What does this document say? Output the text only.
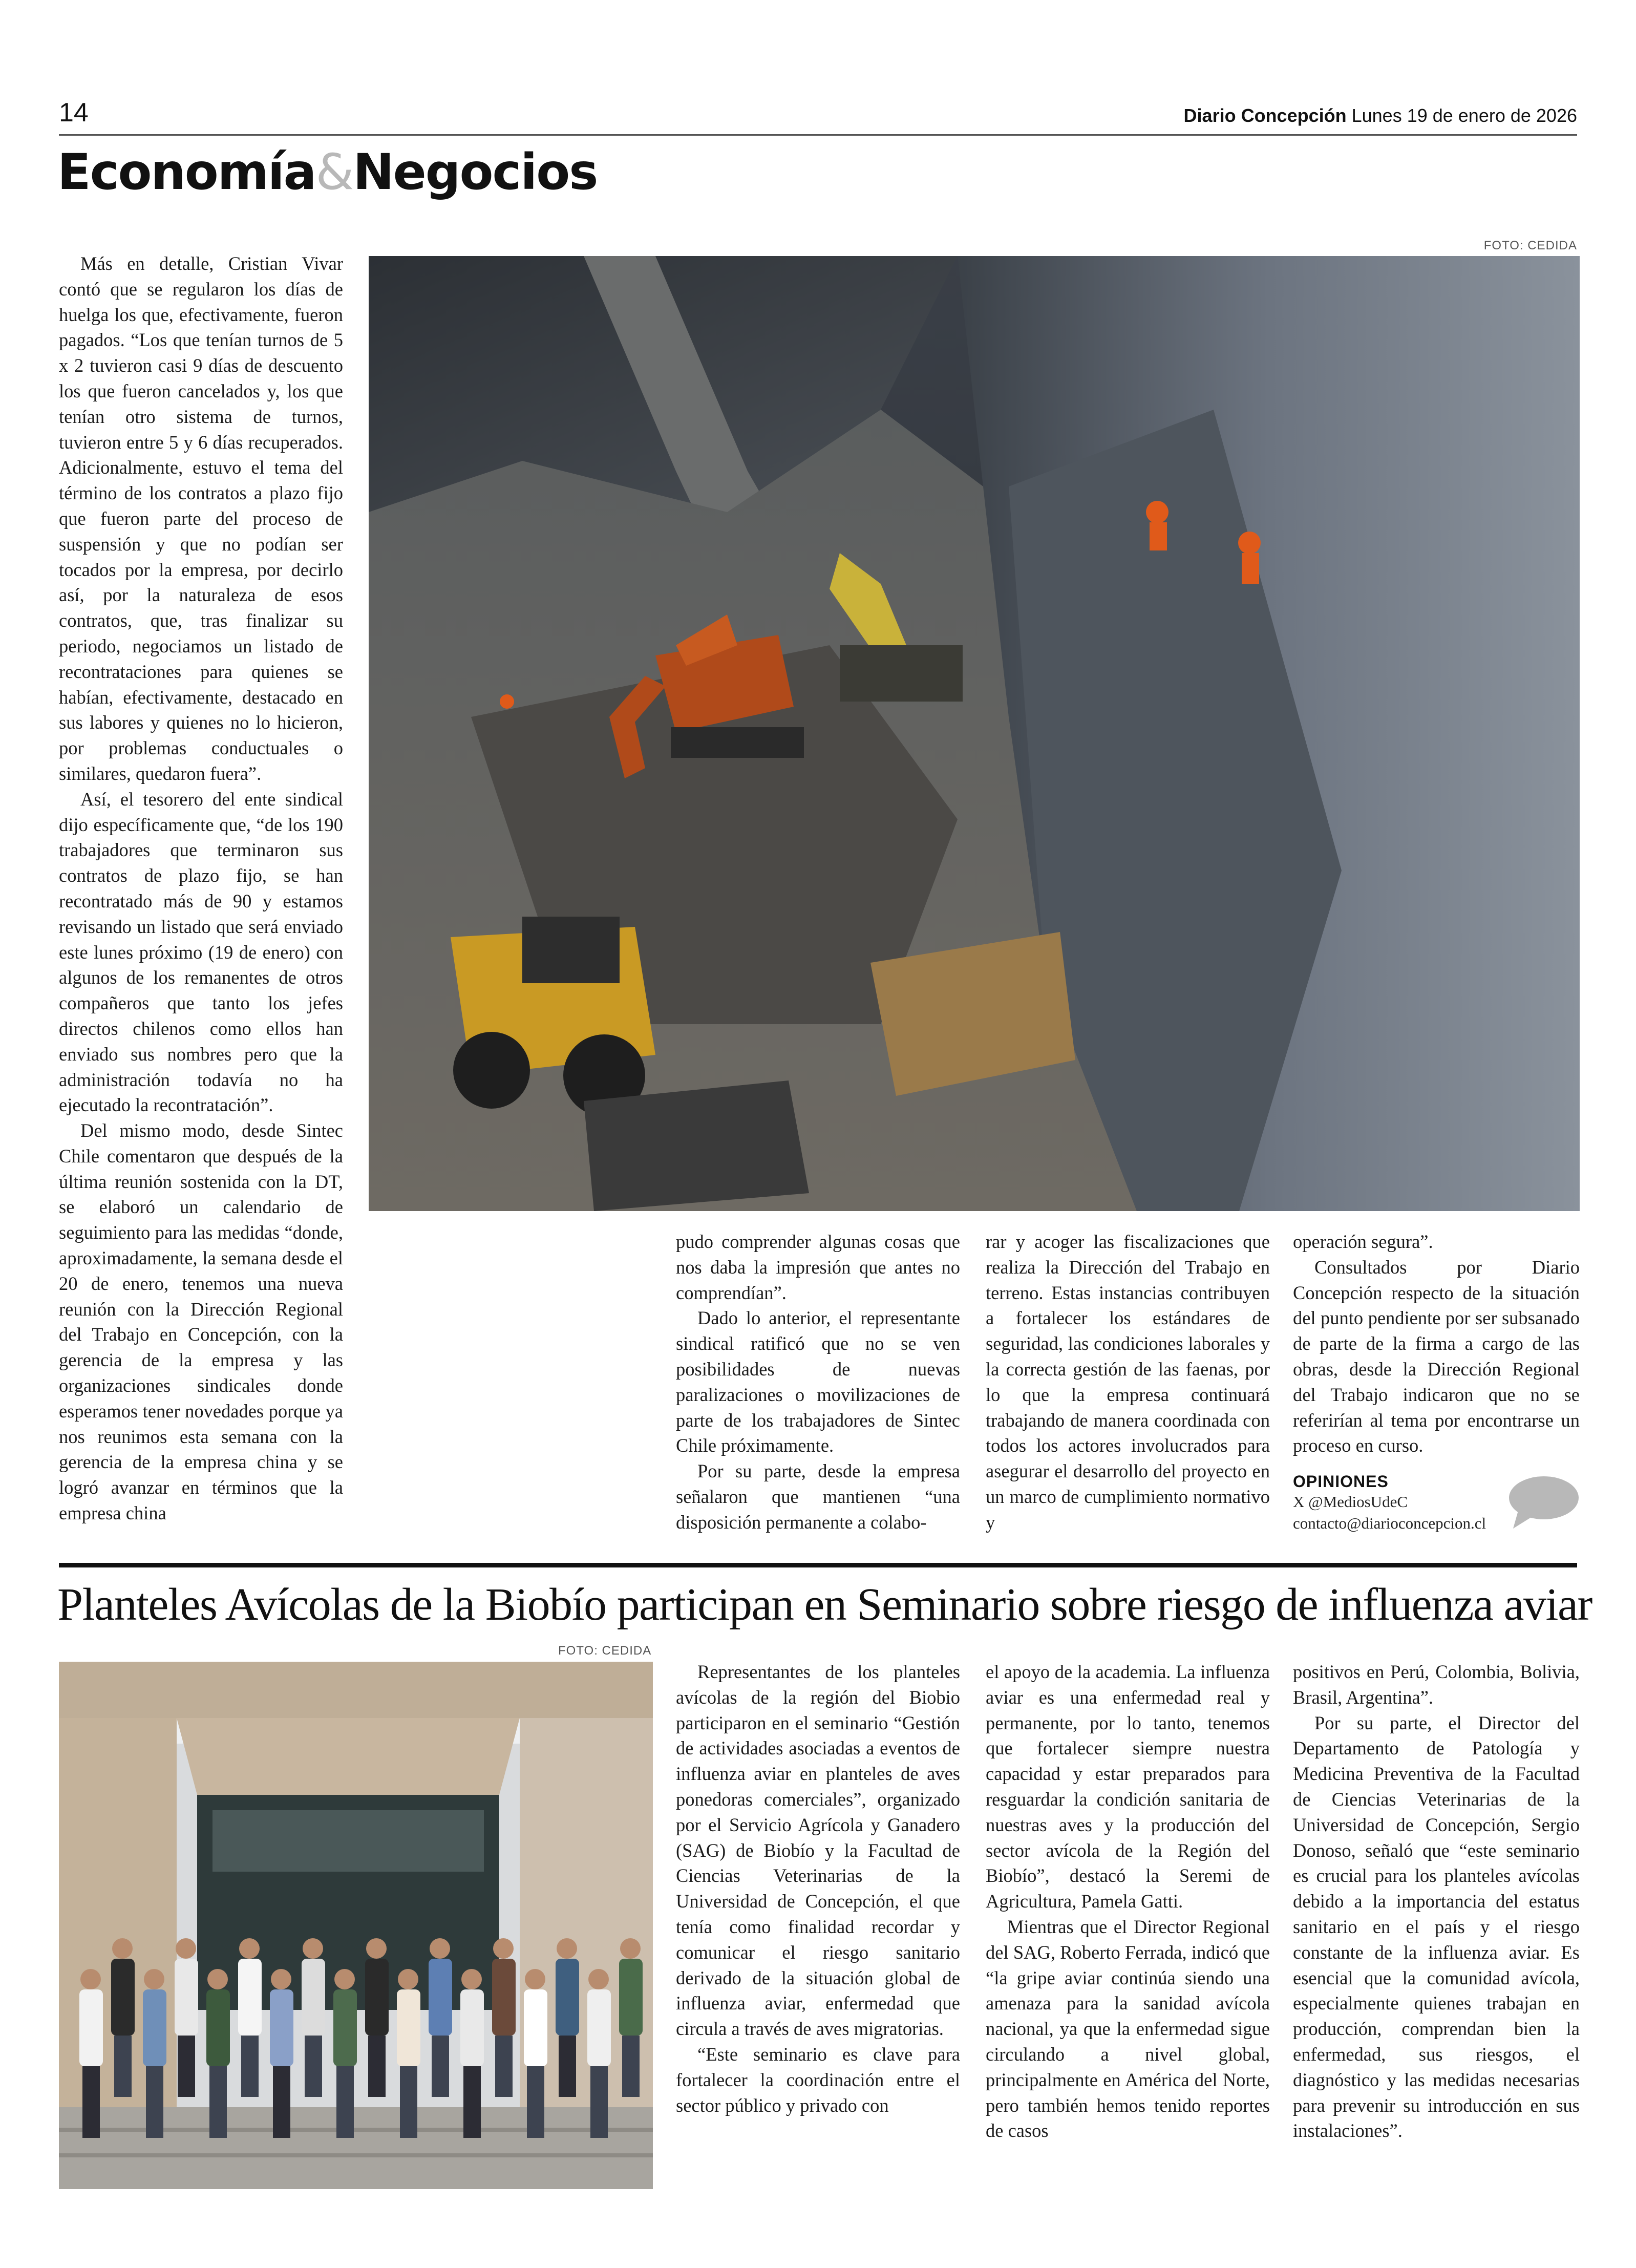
14	Diario Concepción Lunes 19 de enero de 2026
Economía&Negocios
FOTO: CEDIDA

Más en detalle, Cristian Vivar contó que se regularon los días de huelga los que, efectivamente, fueron pagados. “Los que tenían turnos de 5 x 2 tuvieron casi 9 días de descuento los que fueron cancelados y, los que tenían otro sistema de turnos, tuvieron entre 5 y 6 días recuperados. Adicionalmente, estuvo el tema del término de los contratos a plazo fijo que fueron parte del proceso de suspensión y que no podían ser tocados por la empresa, por decirlo así, por la naturaleza de esos contratos, que, tras finalizar su periodo, negociamos un listado de recontrataciones para quienes se habían, efectivamente, destacado en sus labores y quienes no lo hicieron, por problemas conductuales o similares, quedaron fuera”.

Así, el tesorero del ente sindical dijo específicamente que, “de los 190 trabajadores que terminaron sus contratos de plazo fijo, se han recontratado más de 90 y estamos revisando un listado que será enviado este lunes próximo (19 de enero) con algunos de los remanentes de otros compañeros que tanto los jefes directos chilenos como ellos han enviado sus nombres pero que la administración todavía no ha ejecutado la recontratación”.

Del mismo modo, desde Sintec Chile comentaron que después de la última reunión sostenida con la DT, se elaboró un calendario de seguimiento para las medidas “donde, aproximadamente, la semana desde el 20 de enero, tenemos una nueva reunión con la Dirección Regional del Trabajo en Concepción, con la gerencia de la empresa y las organizaciones sindicales donde esperamos tener novedades porque ya nos reunimos esta semana con la gerencia de la empresa china y se logró avanzar en términos que la empresa china

pudo comprender algunas cosas que nos daba la impresión que antes no comprendían”.

Dado lo anterior, el representante sindical ratificó que no se ven posibilidades de nuevas paralizaciones o movilizaciones de parte de los trabajadores de Sintec Chile próximamente.

Por su parte, desde la empresa señalaron que mantienen “una disposición permanente a colabo-

rar y acoger las fiscalizaciones que realiza la Dirección del Trabajo en terreno. Estas instancias contribuyen a fortalecer los estándares de seguridad, las condiciones laborales y la correcta gestión de las faenas, por lo que la empresa continuará trabajando de manera coordinada con todos los actores involucrados para asegurar el desarrollo del proyecto en un marco de cumplimiento normativo y

operación segura”.

Consultados por Diario Concepción respecto de la situación del punto pendiente por ser subsanado de parte de la firma a cargo de las obras, desde la Dirección Regional del Trabajo indicaron que no se referirían al tema por encontrarse un proceso en curso.

OPINIONES
X @MediosUdeC
contacto@diarioconcepcion.cl
Planteles Avícolas de la Biobío participan en Seminario sobre riesgo de influenza aviar
FOTO: CEDIDA

Representantes de los planteles avícolas de la región del Biobio participaron en el seminario “Gestión de actividades asociadas a eventos de influenza aviar en planteles de aves ponedoras comerciales”, organizado por el Servicio Agrícola y Ganadero (SAG) de Biobío y la Facultad de Ciencias Veterinarias de la Universidad de Concepción, el que tenía como finalidad recordar y comunicar el riesgo sanitario derivado de la situación global de influenza aviar, enfermedad que circula a través de aves migratorias.

“Este seminario es clave para fortalecer la coordinación entre el sector público y privado con

el apoyo de la academia. La influenza aviar es una enfermedad real y permanente, por lo tanto, tenemos que fortalecer siempre nuestra capacidad y estar preparados para resguardar la condición sanitaria de nuestras aves y la producción del sector avícola de la Región del Biobío”, destacó la Seremi de Agricultura, Pamela Gatti.

Mientras que el Director Regional del SAG, Roberto Ferrada, indicó que “la gripe aviar continúa siendo una amenaza para la sanidad avícola nacional, ya que la enfermedad sigue circulando a nivel global, principalmente en América del Norte, pero también hemos tenido reportes de casos

positivos en Perú, Colombia, Bolivia, Brasil, Argentina”.

Por su parte, el Director del Departamento de Patología y Medicina Preventiva de la Facultad de Ciencias Veterinarias de la Universidad de Concepción, Sergio Donoso, señaló que “este seminario es crucial para los planteles avícolas debido a la importancia del estatus sanitario en el país y el riesgo constante de la influenza aviar. Es esencial que la comunidad avícola, especialmente quienes trabajan en producción, comprendan bien la enfermedad, sus riesgos, el diagnóstico y las medidas necesarias para prevenir su introducción en sus instalaciones”.
